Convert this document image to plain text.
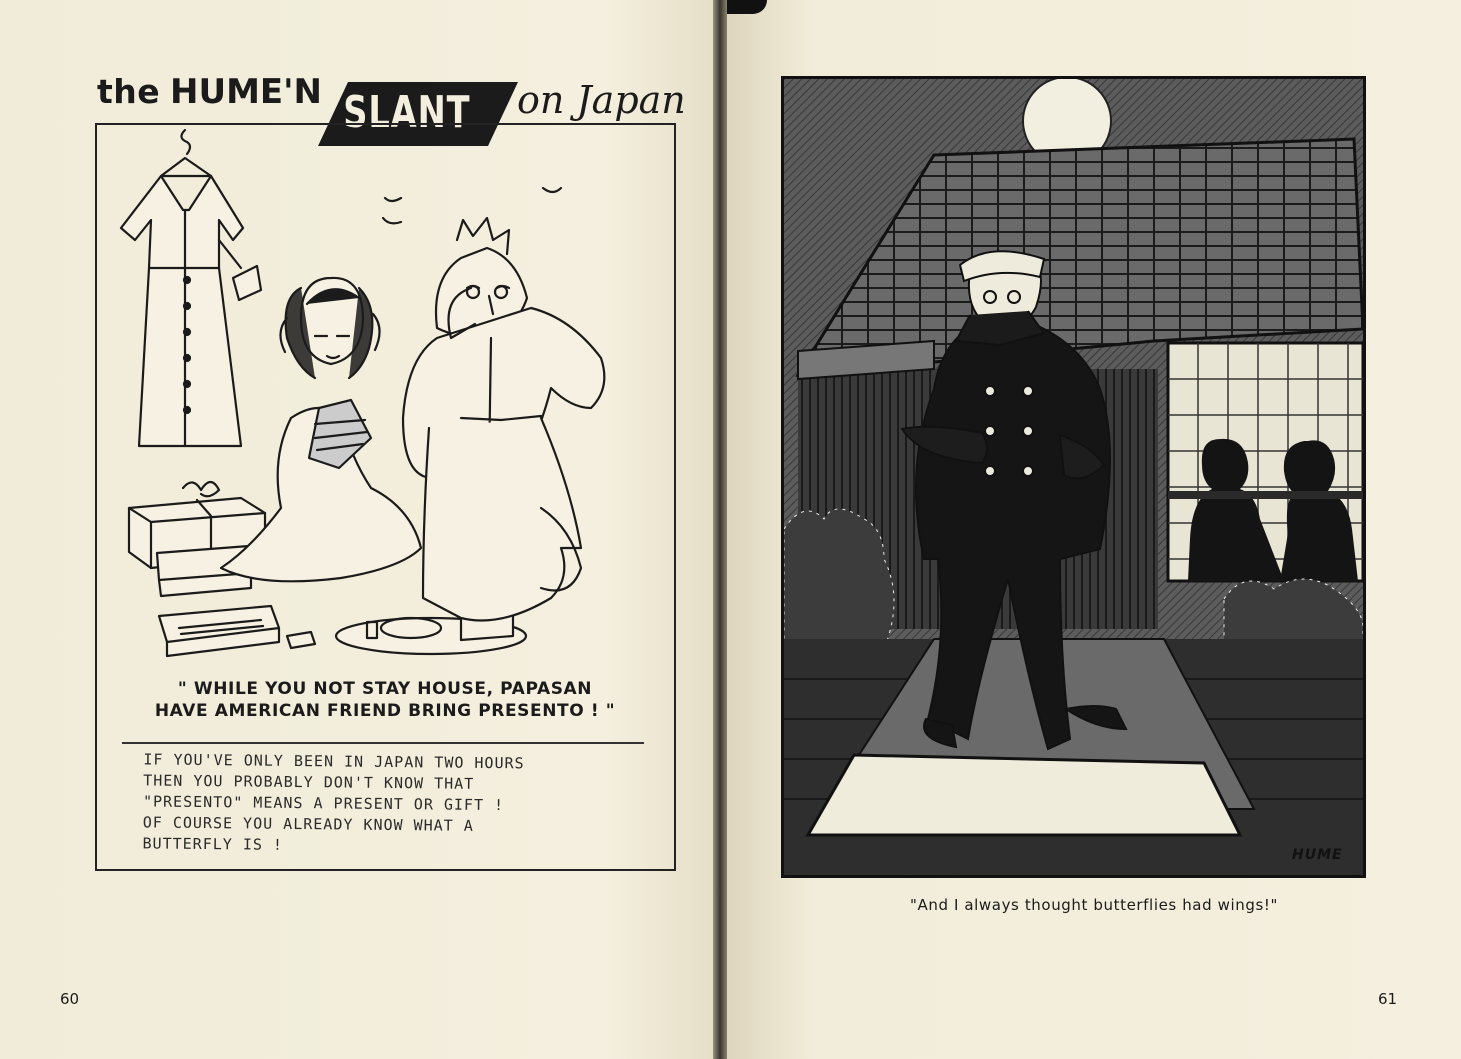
the HUME'N SLANT on Japan
" WHILE YOU NOT STAY HOUSE, PAPASAN
HAVE AMERICAN FRIEND BRING PRESENTO ! "
IF YOU'VE ONLY BEEN IN JAPAN TWO HOURS
THEN YOU PROBABLY DON'T KNOW THAT
"PRESENTO" MEANS A PRESENT OR GIFT !
OF COURSE YOU ALREADY KNOW WHAT A
BUTTERFLY IS !
60
HUME
"And I always thought butterflies had wings!"
61
